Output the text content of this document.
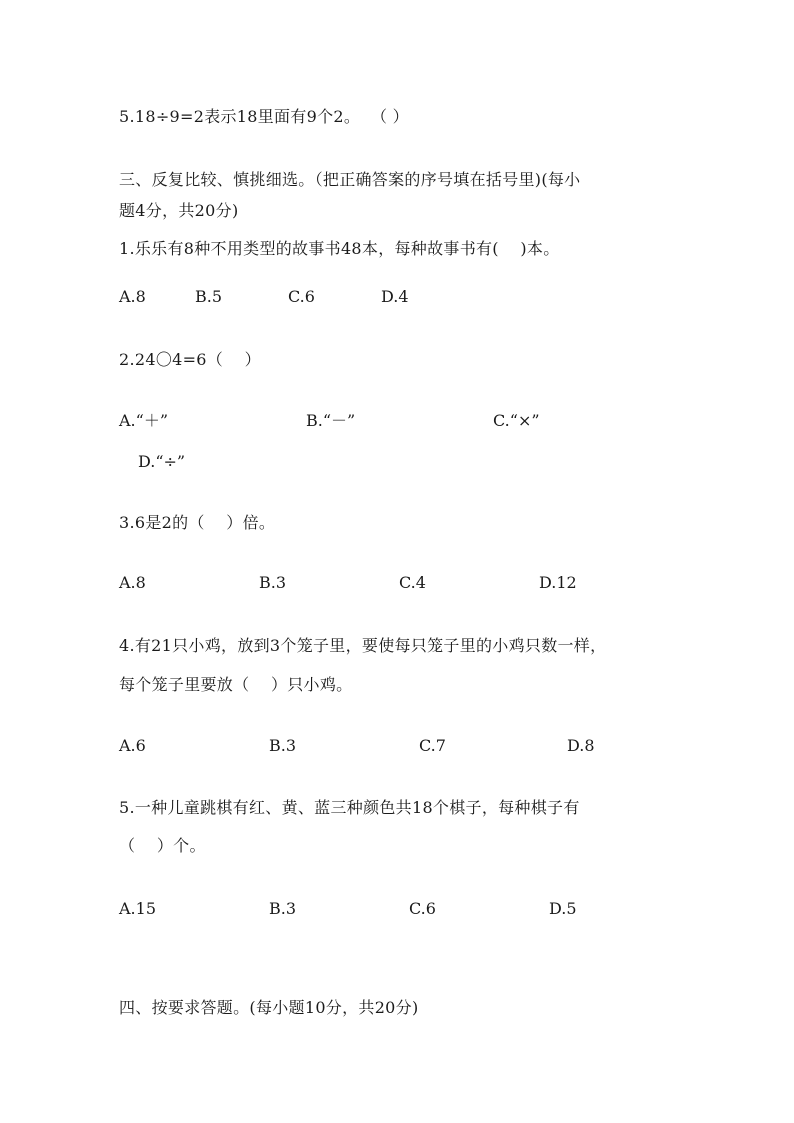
5.18÷9=2表示18里面有9个2。  （ ）
三、反复比较、慎挑细选。（把正确答案的序号填在括号里)(每小
题4分，共20分)
1.乐乐有8种不用类型的故事书48本，每种故事书有(    )本。
A.8	B.5	C.6	D.4
2.24〇4=6（    ）
A.“＋”	B.“－”	C.“×”
D.“÷”
3.6是2的（    ）倍。
A.8	B.3	C.4	D.12
4.有21只小鸡，放到3个笼子里，要使每只笼子里的小鸡只数一样，
每个笼子里要放（    ）只小鸡。
A.6	B.3	C.7	D.8
5.一种儿童跳棋有红、黄、蓝三种颜色共18个棋子，每种棋子有
（    ）个。
A.15	B.3	C.6	D.5
四、按要求答题。(每小题10分，共20分)
